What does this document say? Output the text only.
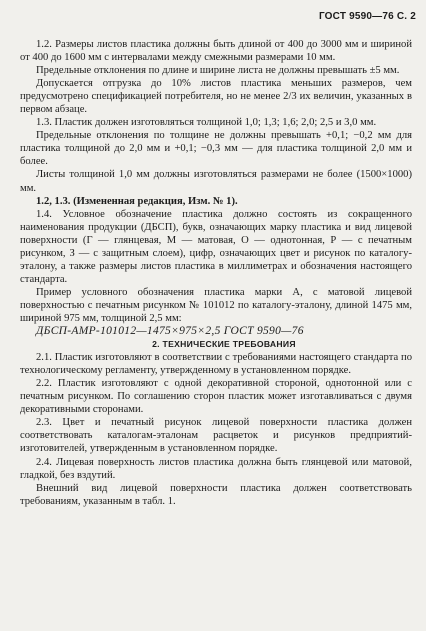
ГОСТ 9590—76 С. 2

1.2. Размеры листов пластика должны быть длиной от 400 до 3000 мм и шириной от 400 до 1600 мм с интервалами между смежными размерами 10 мм.

Предельные отклонения по длине и ширине листа не должны превышать ±5 мм.

Допускается отгрузка до 10% листов пластика меньших размеров, чем предусмотрено спецификацией потребителя, но не менее 2/3 их величин, указанных в первом абзаце.

1.3. Пластик должен изготовляться толщиной 1,0; 1,3; 1,6; 2,0; 2,5 и 3,0 мм.

Предельные отклонения по толщине не должны превышать +0,1; −0,2 мм для пластика толщиной до 2,0 мм и +0,1; −0,3 мм — для пластика толщиной 2,0 мм и более.

Листы толщиной 1,0 мм должны изготовляться размерами не более (1500×1000) мм.

1.2, 1.3. (Измененная редакция, Изм. № 1).

1.4. Условное обозначение пластика должно состоять из сокращенного наименования продукции (ДБСП), букв, означающих марку пластика и вид лицевой поверхности (Г — глянцевая, М — матовая, О — однотонная, Р — с печатным рисунком, З — с защитным слоем), цифр, означающих цвет и рисунок по каталогу-эталону, а также размеры листов пластика в миллиметрах и обозначения настоящего стандарта.

Пример условного обозначения пластика марки А, с матовой лицевой поверхностью с печатным рисунком № 101012 по каталогу-эталону, длиной 1475 мм, шириной 975 мм, толщиной 2,5 мм:

ДБСП-АМР-101012—1475×975×2,5 ГОСТ 9590—76

2. ТЕХНИЧЕСКИЕ ТРЕБОВАНИЯ

2.1. Пластик изготовляют в соответствии с требованиями настоящего стандарта по технологическому регламенту, утвержденному в установленном порядке.

2.2. Пластик изготовляют с одной декоративной стороной, однотонной или с печатным рисунком. По соглашению сторон пластик может изготавливаться с двумя декоративными сторонами.

2.3. Цвет и печатный рисунок лицевой поверхности пластика должен соответствовать каталогам-эталонам расцветок и рисунков предприятий-изготовителей, утвержденным в установленном порядке.

2.4. Лицевая поверхность листов пластика должна быть глянцевой или матовой, гладкой, без вздутий.

Внешний вид лицевой поверхности пластика должен соответствовать требованиям, указанным в табл. 1.
